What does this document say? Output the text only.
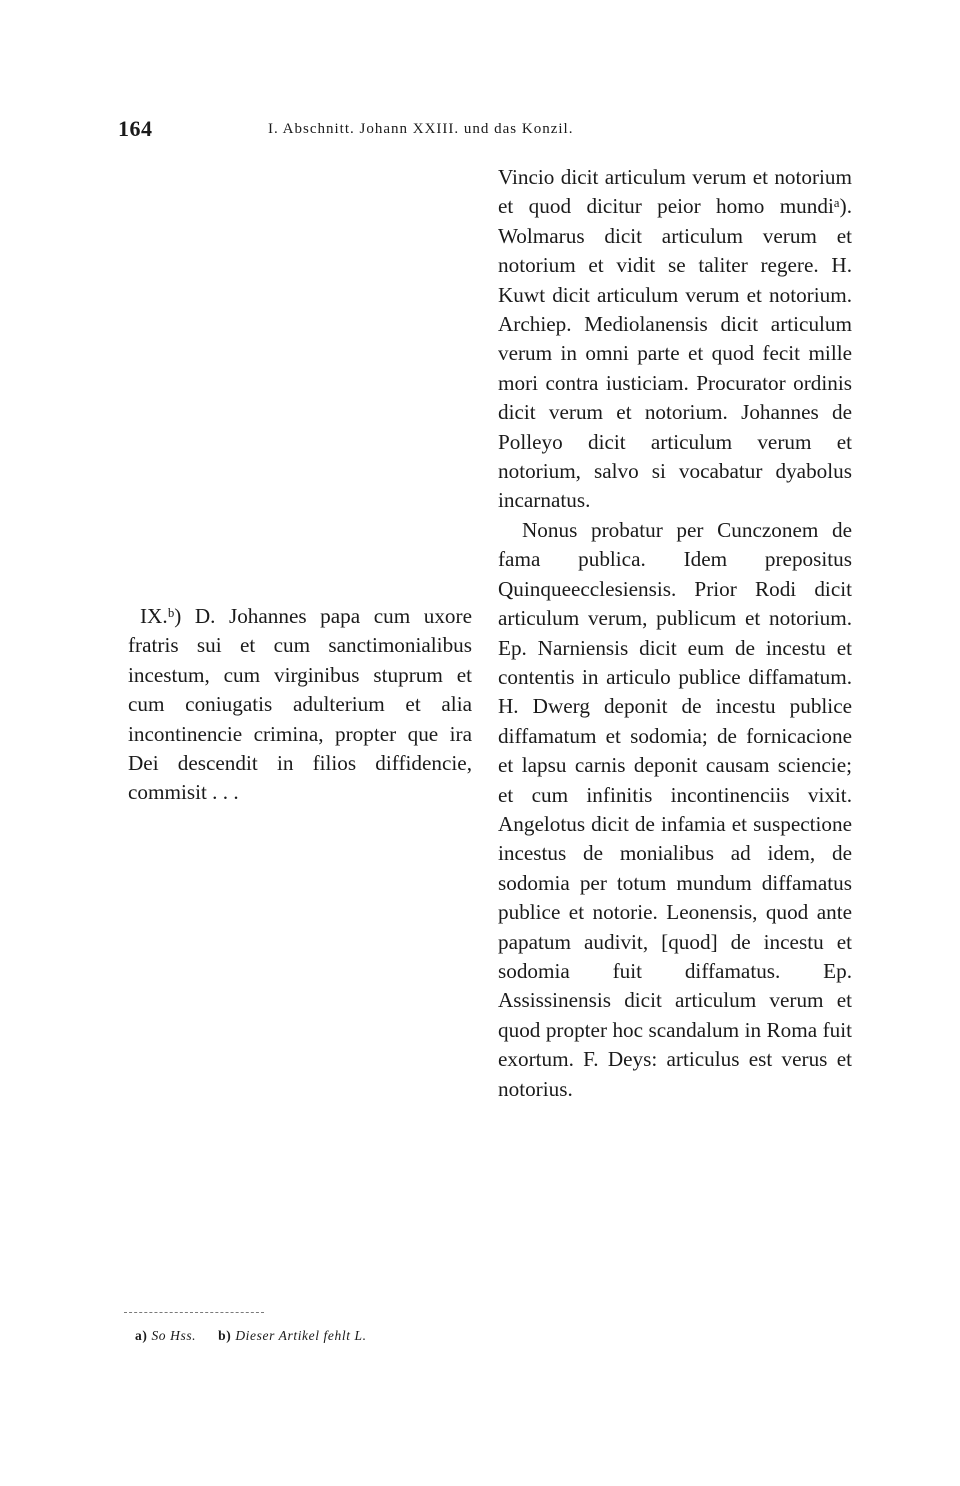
164	I. Abschnitt. Johann XXIII. und das Konzil.

Vincio dicit articulum verum et notorium et quod dicitur peior homo mundiᵃ). Wolmarus dicit articulum verum et notorium et vidit se taliter regere. H. Kuwt dicit articulum verum et notorium. Archiep. Mediolanensis dicit articulum verum in omni parte et quod fecit mille mori contra iusticiam. Procurator ordinis dicit verum et notorium. Johannes de Polleyo dicit articulum verum et notorium, salvo si vocabatur dyabolus incarnatus.

Nonus probatur per Cunczonem de fama publica. Idem prepositus Quinqueecclesiensis. Prior Rodi dicit articulum verum, publicum et notorium. Ep. Narniensis dicit eum de incestu et contentis in articulo publice diffamatum. H. Dwerg deponit de incestu publice diffamatum et sodomia; de fornicacione et lapsu carnis deponit causam sciencie; et cum infinitis incontinenciis vixit. Angelotus dicit de infamia et suspectione incestus de monialibus ad idem, de sodomia per totum mundum diffamatus publice et notorie. Leonensis, quod ante papatum audivit, [quod] de incestu et sodomia fuit diffamatus. Ep. Assissinensis dicit articulum verum et quod propter hoc scandalum in Roma fuit exortum. F. Deys: articulus est verus et notorius.

IX.ᵇ) D. Johannes papa cum uxore fratris sui et cum sanctimonialibus incestum, cum virginibus stuprum et cum coniugatis adulterium et alia incontinencie crimina, propter que ira Dei descendit in filios diffidencie, commisit . . .

a) So Hss. b) Dieser Artikel fehlt L.
